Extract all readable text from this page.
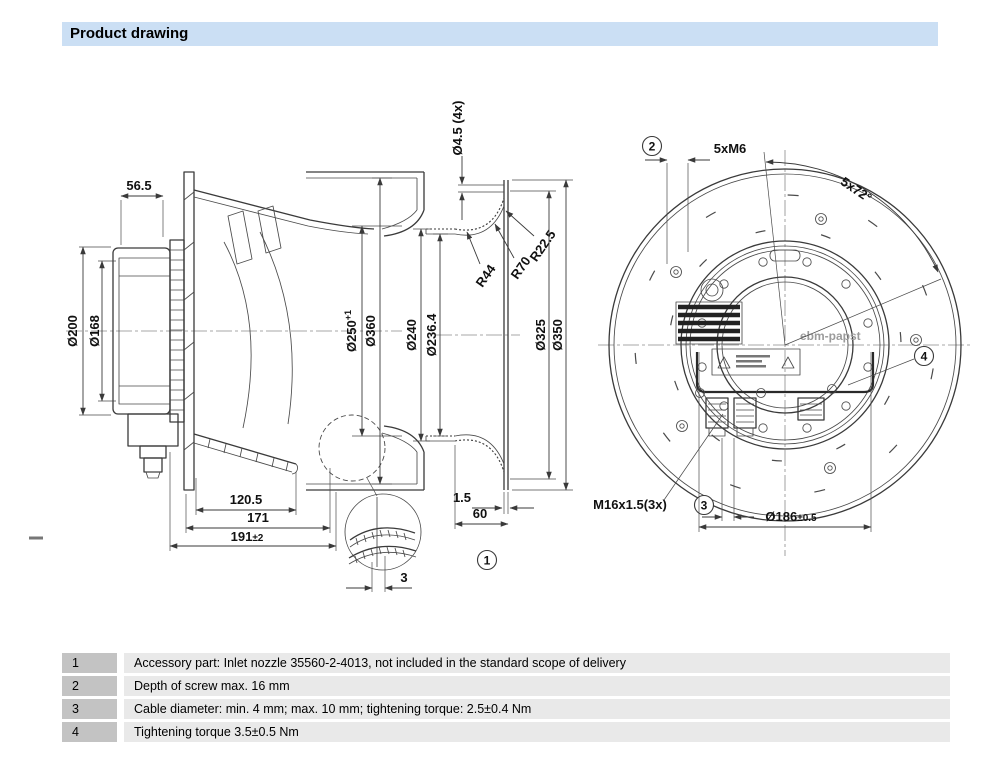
Product drawing
56.5
Ø200 Ø168	$Ø250^{+1}$ Ø360
120.5
171
191±2
3
Ø4.5 (4x)
R22.5
R70
R44
Ø240 Ø236.4	Ø325 Ø350
1.5
60
1
ebm-papst
2	5xM6
5x72°
4
M16x1.5(3x)	3
Ø186±0.5
1	Accessory part: Inlet nozzle 35560-2-4013, not included in the standard scope of delivery
2	Depth of screw max. 16 mm
3	Cable diameter: min. 4 mm; max. 10 mm; tightening torque: 2.5±0.4 Nm
4	Tightening torque 3.5±0.5 Nm
